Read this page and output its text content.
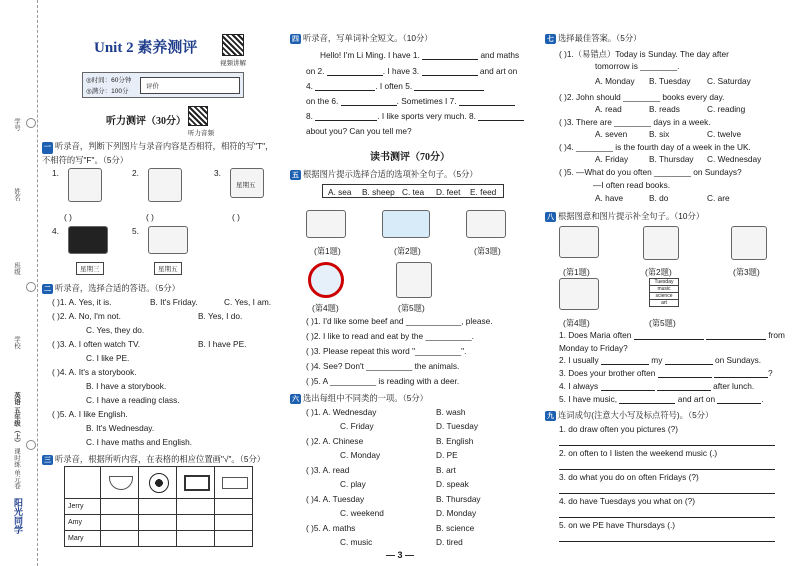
学号
姓名
班级
学校
英语 五年级（上）
课时练 单元卷
阳光同学
Unit 2 素养测评
视频讲解
◎时间：60分钟
◎满分：100分
评价
听力测评（30分）
听力音频
一 听录音，判断下列图片与录音内容是否相符，相符的写"T"，不相符的写"F"。（5分）
1.
( )
2.
( )
3.
星期五
( )
4.
星期三
5.
星期五
二 听录音，选择合适的答语。（5分）
( )1. A. Yes, it is.	B. It's Friday.	C. Yes, I am.
( )2. A. No, I'm not.	B. Yes, I do.
C. Yes, they do.
( )3. A. I often watch TV.	B. I have PE.
C. I like PE.
( )4. A. It's a storybook.
B. I have a storybook.
C. I have a reading class.
( )5. A. I like English.
B. It's Wednesday.
C. I have maths and English.
三 听录音，根据所听内容，在表格的相应位置画"√"。（5分）

Jerry				
Amy				
Mary				
四 听录音，写单词补全短文。（10分）
Hello! I'm Li Ming. I have 1.	and maths
on 2.	. I have 3.	and art on
4.	. I often 5.
on the 6.	. Sometimes I 7.
8.	. I like sports very much. 8.
about you? Can you tell me?
读书测评（70分）
五 根据图片提示选择合适的选项补全句子。（5分）
A. sea B. sheep C. tea D. feet E. feed
(第1题)	(第2题)	(第3题)
(第4题)	(第5题)
( )1. I'd like some beef and ____________, please.
( )2. I like to read and eat by the __________.
( )3. Please repeat this word "__________".
( )4. See? Don't __________ the animals.
( )5. A __________ is reading with a deer.
六 选出每组中不同类的一项。（5分）
( )1. A. Wednesday	B. wash
C. Friday	D. Tuesday
( )2. A. Chinese	B. English
C. Monday	D. PE
( )3. A. read	B. art
C. play	D. speak
( )4. A. Tuesday	B. Thursday
C. weekend	D. Monday
( )5. A. maths	B. science
C. music	D. tired
— 3 —
七 选择最佳答案。（5分）
( )1.（易错点）Today is Sunday. The day after
tomorrow is ________.
A. Monday B. Tuesday C. Saturday
( )2. John should ________ books every day.
A. read	B. reads	C. reading
( )3. There are ________ days in a week.
A. seven	B. six	C. twelve
( )4. ________ is the fourth day of a week in the UK.
A. Friday	B. Thursday C. Wednesday
( )5. —What do you often ________ on Sundays?
—I often read books.
A. have	B. do	C. are
八 根据图意和图片提示补全句子。（10分）
(第1题)	(第2题)	(第3题)
(第4题)
Tuesday
music
science
art
(第5题)
1. Does Maria often	from
Monday to Friday?
2. I usually	my	on Sundays.
3. Does your brother often	?
4. I always	after lunch.
5. I have music,	and art on	.
九 连词成句(注意大小写及标点符号)。（5分）
1. do draw often you pictures (?)
2. on often to I listen the weekend music (.)
3. do what you do on often Fridays (?)
4. do have Tuesdays you what on (?)
5. on we PE have Thursdays (.)
